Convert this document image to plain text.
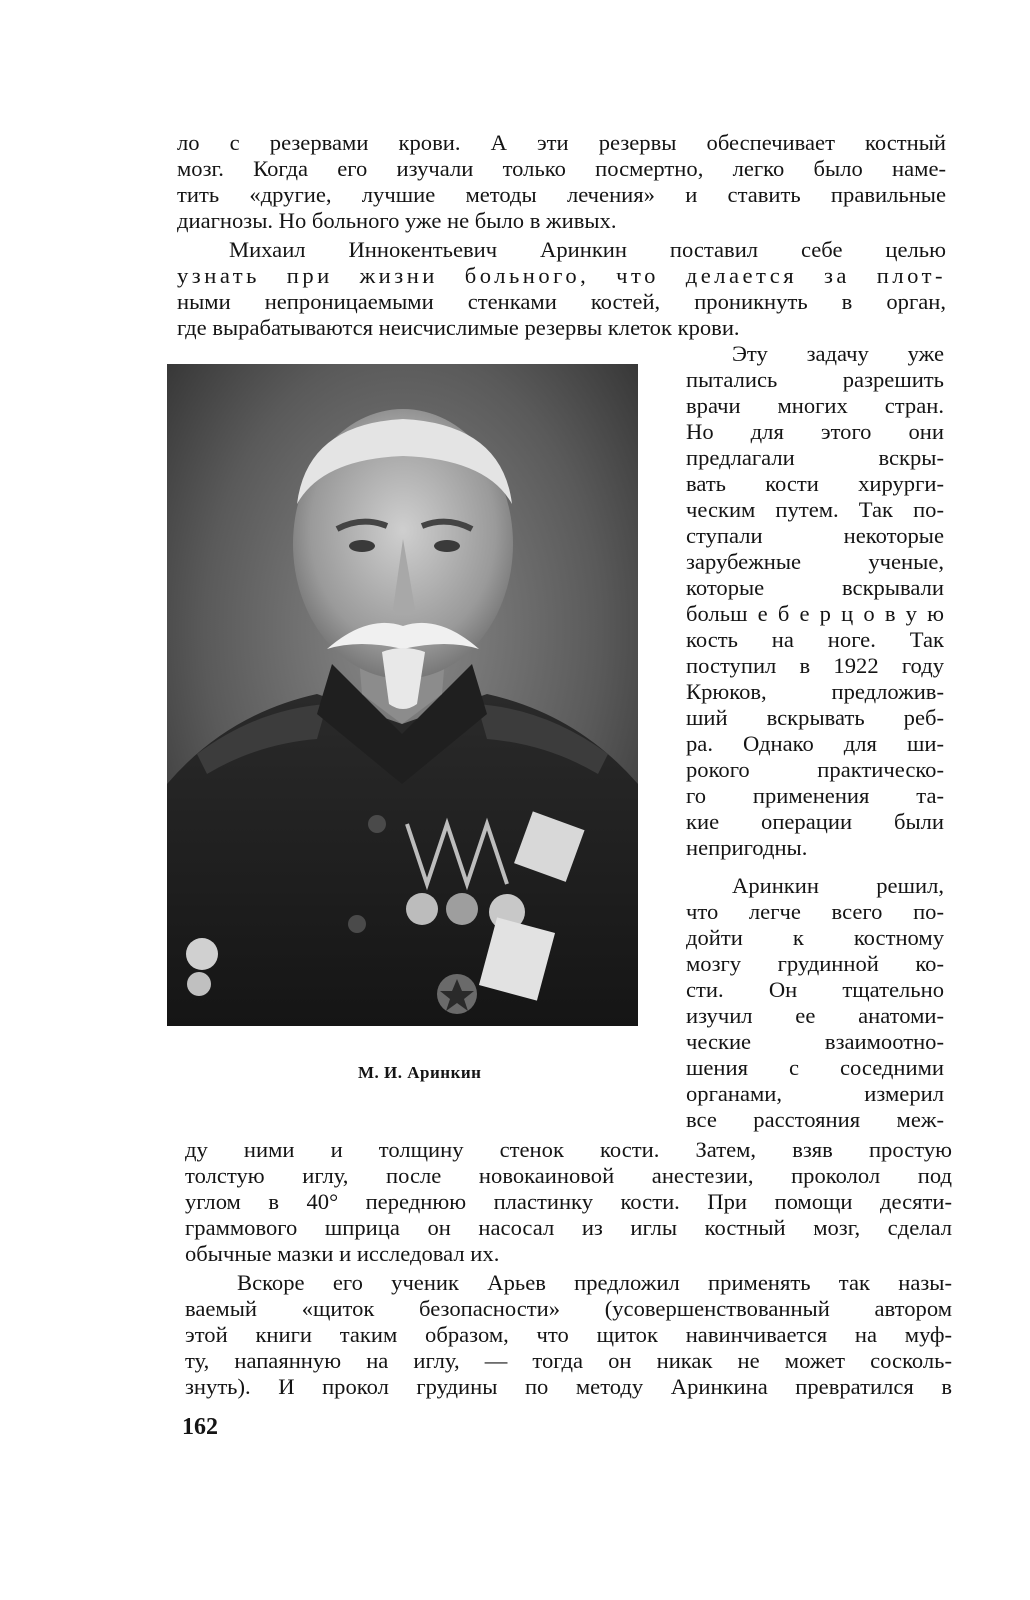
ло с резервами крови. А эти резервы обеспечивает костный
мозг. Когда его изучали только посмертно, легко было наме-
тить «другие, лучшие методы лечения» и ставить правильные
диагнозы. Но больного уже не было в живых.
Михаил Иннокентьевич Аринкин поставил себе целью
узнать при жизни больного, что делается за плот-
ными непроницаемыми стенками костей, проникнуть в орган,
где вырабатываются неисчислимые резервы клеток крови.
М. И. Аринкин
Эту задачу уже
пытались разрешить
врачи многих стран.
Но для этого они
предлагали вскры-
вать кости хирурги-
ческим путем. Так по-
ступали некоторые
зарубежные ученые,
которые вскрывали
больш е б е р ц о в у ю
кость на ноге. Так
поступил в 1922 году
Крюков, предложив-
ший вскрывать реб-
ра. Однако для ши-
рокого практическо-
го применения та-
кие операции были
непригодны.
Аринкин решил,
что легче всего по-
дойти к костному
мозгу грудинной ко-
сти. Он тщательно
изучил ее анатоми-
ческие взаимоотно-
шения с соседними
органами, измерил
все расстояния меж-
ду ними и толщину стенок кости. Затем, взяв простую
толстую иглу, после новокаиновой анестезии, проколол под
углом в 40° переднюю пластинку кости. При помощи десяти-
граммового шприца он насосал из иглы костный мозг, сделал
обычные мазки и исследовал их.
Вскоре его ученик Арьев предложил применять так назы-
ваемый «щиток безопасности» (усовершенствованный автором
этой книги таким образом, что щиток навинчивается на муф-
ту, напаянную на иглу, — тогда он никак не может сосколь-
знуть). И прокол грудины по методу Аринкина превратился в
162
